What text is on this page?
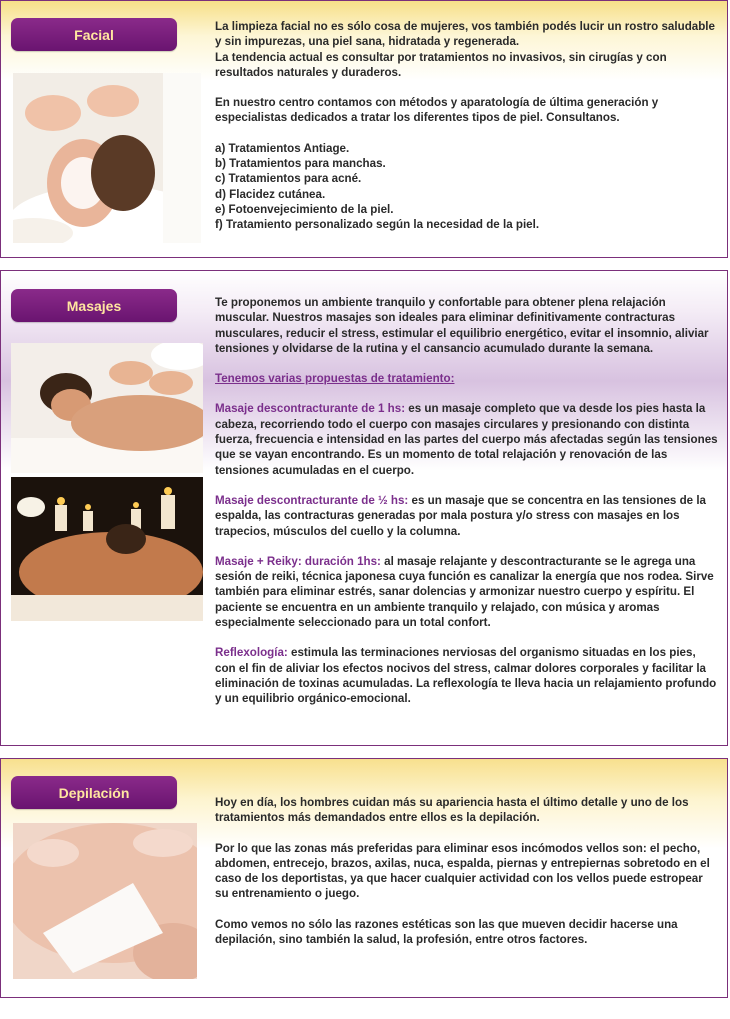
Facial	La limpieza facial no es sólo cosa de mujeres, vos también podés lucir un rostro saludable y sin impurezas, una piel sana, hidratada y regenerada.

La tendencia actual es consultar por tratamientos no invasivos, sin cirugías y con resultados naturales y duraderos.

En nuestro centro contamos con métodos y aparatología de última generación y especialistas dedicados a tratar los diferentes tipos de piel. Consultanos.

a) Tratamientos Antiage.
b) Tratamientos para manchas.
c) Tratamientos para acné.
d) Flacidez cutánea.
e) Fotoenvejecimiento de la piel.
f) Tratamiento personalizado según la necesidad de la piel.
Masajes	Te proponemos un ambiente tranquilo y confortable para obtener plena relajación muscular. Nuestros masajes son ideales para eliminar definitivamente contracturas musculares, reducir el stress, estimular el equilibrio energético, evitar el insomnio, aliviar tensiones y olvidarse de la rutina y el cansancio acumulado durante la semana.

Tenemos varias propuestas de tratamiento:

Masaje descontracturante de 1 hs: es un masaje completo que va desde los pies hasta la cabeza, recorriendo todo el cuerpo con masajes circulares y presionando con distinta fuerza, frecuencia e intensidad en las partes del cuerpo más afectadas según las tensiones que se vayan encontrando. Es un momento de total relajación y renovación de las tensiones acumuladas en el cuerpo.

Masaje descontracturante de ½ hs: es un masaje que se concentra en las tensiones de la espalda, las contracturas generadas por mala postura y/o stress con masajes en los trapecios, músculos del cuello y la columna.

Masaje + Reiky: duración 1hs: al masaje relajante y descontracturante se le agrega una sesión de reiki, técnica japonesa cuya función es canalizar la energía que nos rodea. Sirve también para eliminar estrés, sanar dolencias y armonizar nuestro cuerpo y espíritu. El paciente se encuentra en un ambiente tranquilo y relajado, con música y aromas especialmente seleccionado para un total confort.

Reflexología: estimula las terminaciones nerviosas del organismo situadas en los pies, con el fin de aliviar los efectos nocivos del stress, calmar dolores corporales y facilitar la eliminación de toxinas acumuladas. La reflexología te lleva hacia un relajamiento profundo y un equilibrio orgánico-emocional.

Depilación

Hoy en día, los hombres cuidan más su apariencia hasta el último detalle y uno de los tratamientos más demandados entre ellos es la depilación.

Por lo que las zonas más preferidas para eliminar esos incómodos vellos son: el pecho, abdomen, entrecejo, brazos, axilas, nuca, espalda, piernas y entrepiernas sobretodo en el caso de los deportistas, ya que hacer cualquier actividad con los vellos puede estropear su entrenamiento o juego.

Como vemos no sólo las razones estéticas son las que mueven decidir hacerse una depilación, sino también la salud, la profesión, entre otros factores.
